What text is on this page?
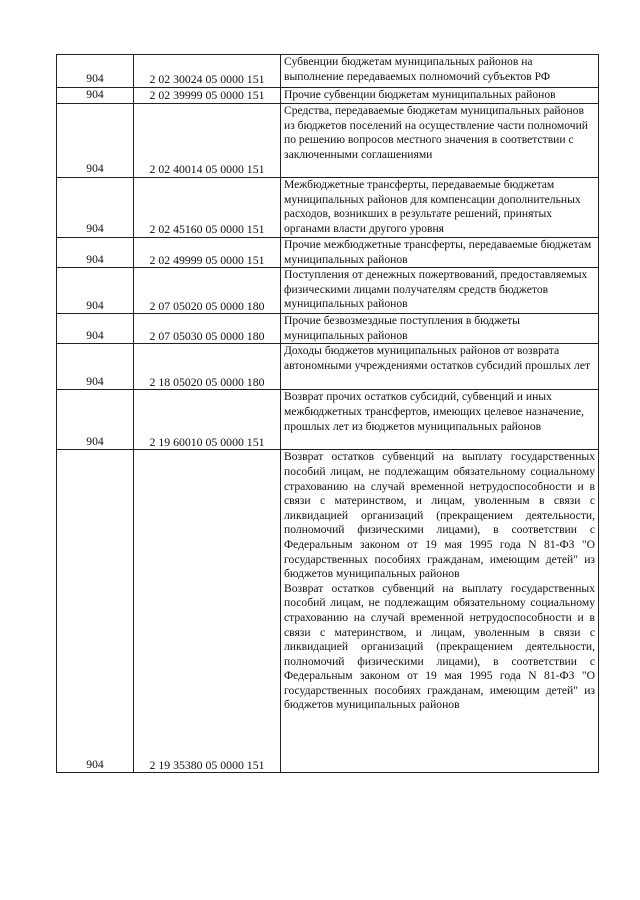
904	2 02 30024 05 0000 151	Субвенции бюджетам муниципальных районов на выполнение передаваемых полномочий субъектов РФ

904	2 02 39999 05 0000 151	Прочие субвенции бюджетам муниципальных районов

904	2 02 40014 05 0000 151	Средства, передаваемые бюджетам муниципальных районов из бюджетов поселений на осуществление части полномочий по решению вопросов местного значения в соответствии с заключенными соглашениями

904	2 02 45160 05 0000 151	Межбюджетные трансферты, передаваемые бюджетам муниципальных районов для компенсации дополнительных расходов, возникших в результате решений, принятых органами власти другого уровня

904	2 02 49999 05 0000 151	Прочие межбюджетные трансферты, передаваемые бюджетам муниципальных районов

904	2 07 05020 05 0000 180	Поступления от денежных пожертвований, предоставляемых физическими лицами получателям средств бюджетов муниципальных районов

904	2 07 05030 05 0000 180	Прочие безвозмездные поступления в бюджеты муниципальных районов

904	2 18 05020 05 0000 180	Доходы бюджетов муниципальных районов от возврата автономными учреждениями остатков субсидий прошлых лет

904	2 19 60010 05 0000 151	Возврат прочих остатков субсидий, субвенций и иных межбюджетных трансфертов, имеющих целевое назначение, прошлых лет из бюджетов муниципальных районов

904	2 19 35380 05 0000 151	Возврат остатков субвенций на выплату государственных пособий лицам, не подлежащим обязательному социальному страхованию на случай временной нетрудоспособности и в связи с материнством, и лицам, уволенным в связи с ликвидацией организаций (прекращением деятельности, полномочий физическими лицами), в соответствии с Федеральным законом от 19 мая 1995 года N 81-ФЗ "О государственных пособиях гражданам, имеющим детей" из бюджетов муниципальных районов
Возврат остатков субвенций на выплату государственных пособий лицам, не подлежащим обязательному социальному страхованию на случай временной нетрудоспособности и в связи с материнством, и лицам, уволенным в связи с ликвидацией организаций (прекращением деятельности, полномочий физическими лицами), в соответствии с Федеральным законом от 19 мая 1995 года N 81-ФЗ "О государственных пособиях гражданам, имеющим детей" из бюджетов муниципальных районов
